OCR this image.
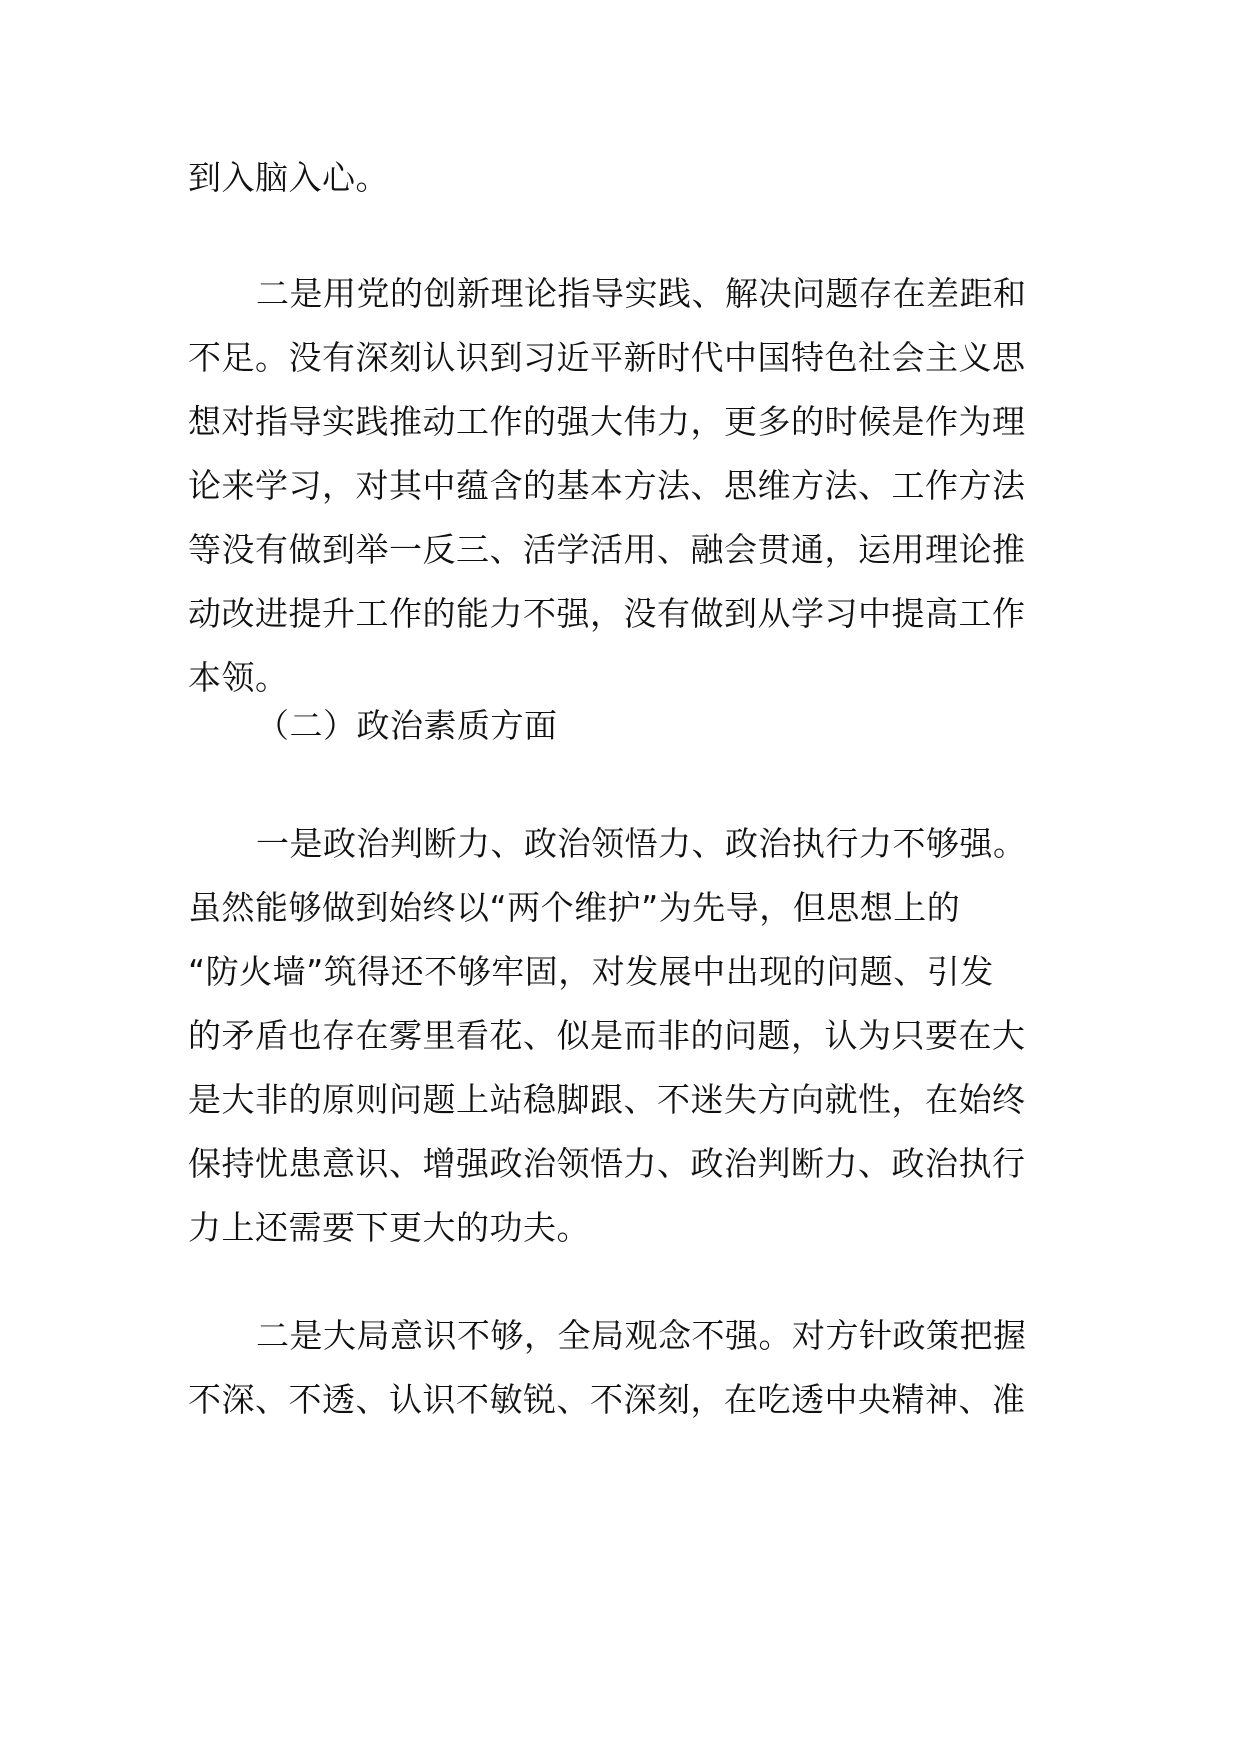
到入脑入心。
二是用党的创新理论指导实践、解决问题存在差距和
不足。没有深刻认识到习近平新时代中国特色社会主义思
想对指导实践推动工作的强大伟力，更多的时候是作为理
论来学习，对其中蕴含的基本方法、思维方法、工作方法
等没有做到举一反三、活学活用、融会贯通，运用理论推
动改进提升工作的能力不强，没有做到从学习中提高工作
本领。
（二）政治素质方面
一是政治判断力、政治领悟力、政治执行力不够强。
虽然能够做到始终以“两个维护”为先导，但思想上的
“防火墙”筑得还不够牢固，对发展中出现的问题、引发
的矛盾也存在雾里看花、似是而非的问题，认为只要在大
是大非的原则问题上站稳脚跟、不迷失方向就性，在始终
保持忧患意识、增强政治领悟力、政治判断力、政治执行
力上还需要下更大的功夫。
二是大局意识不够，全局观念不强。对方针政策把握
不深、不透、认识不敏锐、不深刻，在吃透中央精神、准
